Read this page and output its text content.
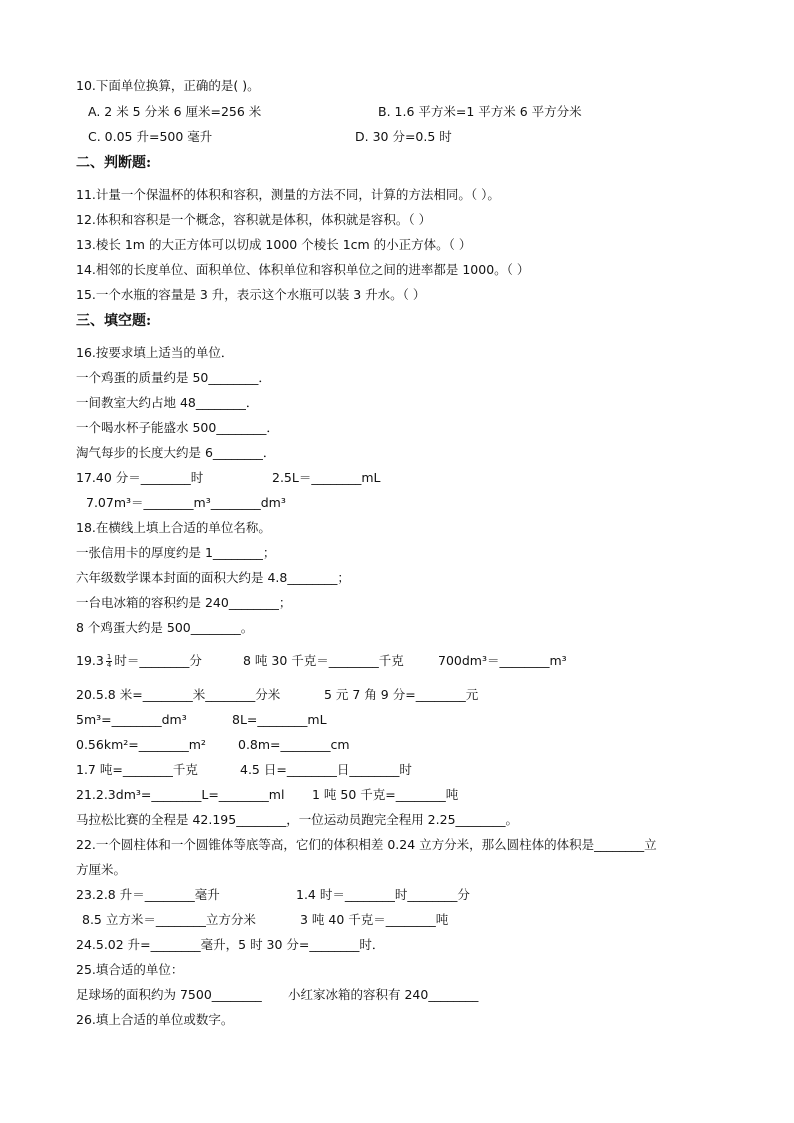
10.下面单位换算，正确的是( )。
A. 2 米 5 分米 6 厘米=256 米	B. 1.6 平方米=1 平方米 6 平方分米
C. 0.05 升=500 毫升	D. 30 分=0.5 时
二、判断题:
11.计量一个保温杯的体积和容积，测量的方法不同，计算的方法相同。（ ）。
12.体积和容积是一个概念，容积就是体积，体积就是容积。（ ）
13.棱长 1m 的大正方体可以切成 1000 个棱长 1cm 的小正方体。（ ）
14.相邻的长度单位、面积单位、体积单位和容积单位之间的进率都是 1000。（ ）
15.一个水瓶的容量是 3 升，表示这个水瓶可以装 3 升水。（ ）
三、填空题:
16.按要求填上适当的单位．
一个鸡蛋的质量约是 50________．
一间教室大约占地 48________．
一个喝水杯子能盛水 500________．
淘气每步的长度大约是 6________．
17.40 分＝________时	2.5L＝________mL
7.07m³＝________m³________dm³
18.在横线上填上合适的单位名称。
一张信用卡的厚度约是 1________；
六年级数学课本封面的面积大约是 4.8________；
一台电冰箱的容积约是 240________；
8 个鸡蛋大约是 500________。
$19.3 \frac{1}{4}$ 时＝________分	8 吨 30 千克＝________千克	700dm³＝________m³
20.5.8 米=________米________分米	5 元 7 角 9 分=________元
5m³=________dm³	8L=________mL
0.56km²=________m²	0.8m=________cm
1.7 吨=________千克	4.5 日=________日________时
21.2.3dm³=________L=________ml 1 吨 50 千克=________吨
马拉松比赛的全程是 42.195________，一位运动员跑完全程用 2.25________。
22.一个圆柱体和一个圆锥体等底等高，它们的体积相差 0.24 立方分米，那么圆柱体的体积是________立
方厘米。
23.2.8 升＝________毫升	1.4 时＝________时________分
8.5 立方米＝________立方分米	3 吨 40 千克＝________吨
24.5.02 升=________毫升，5 时 30 分=________时．
25.填合适的单位：
足球场的面积约为 7500________ 小红家冰箱的容积有 240________
26.填上合适的单位或数字。
